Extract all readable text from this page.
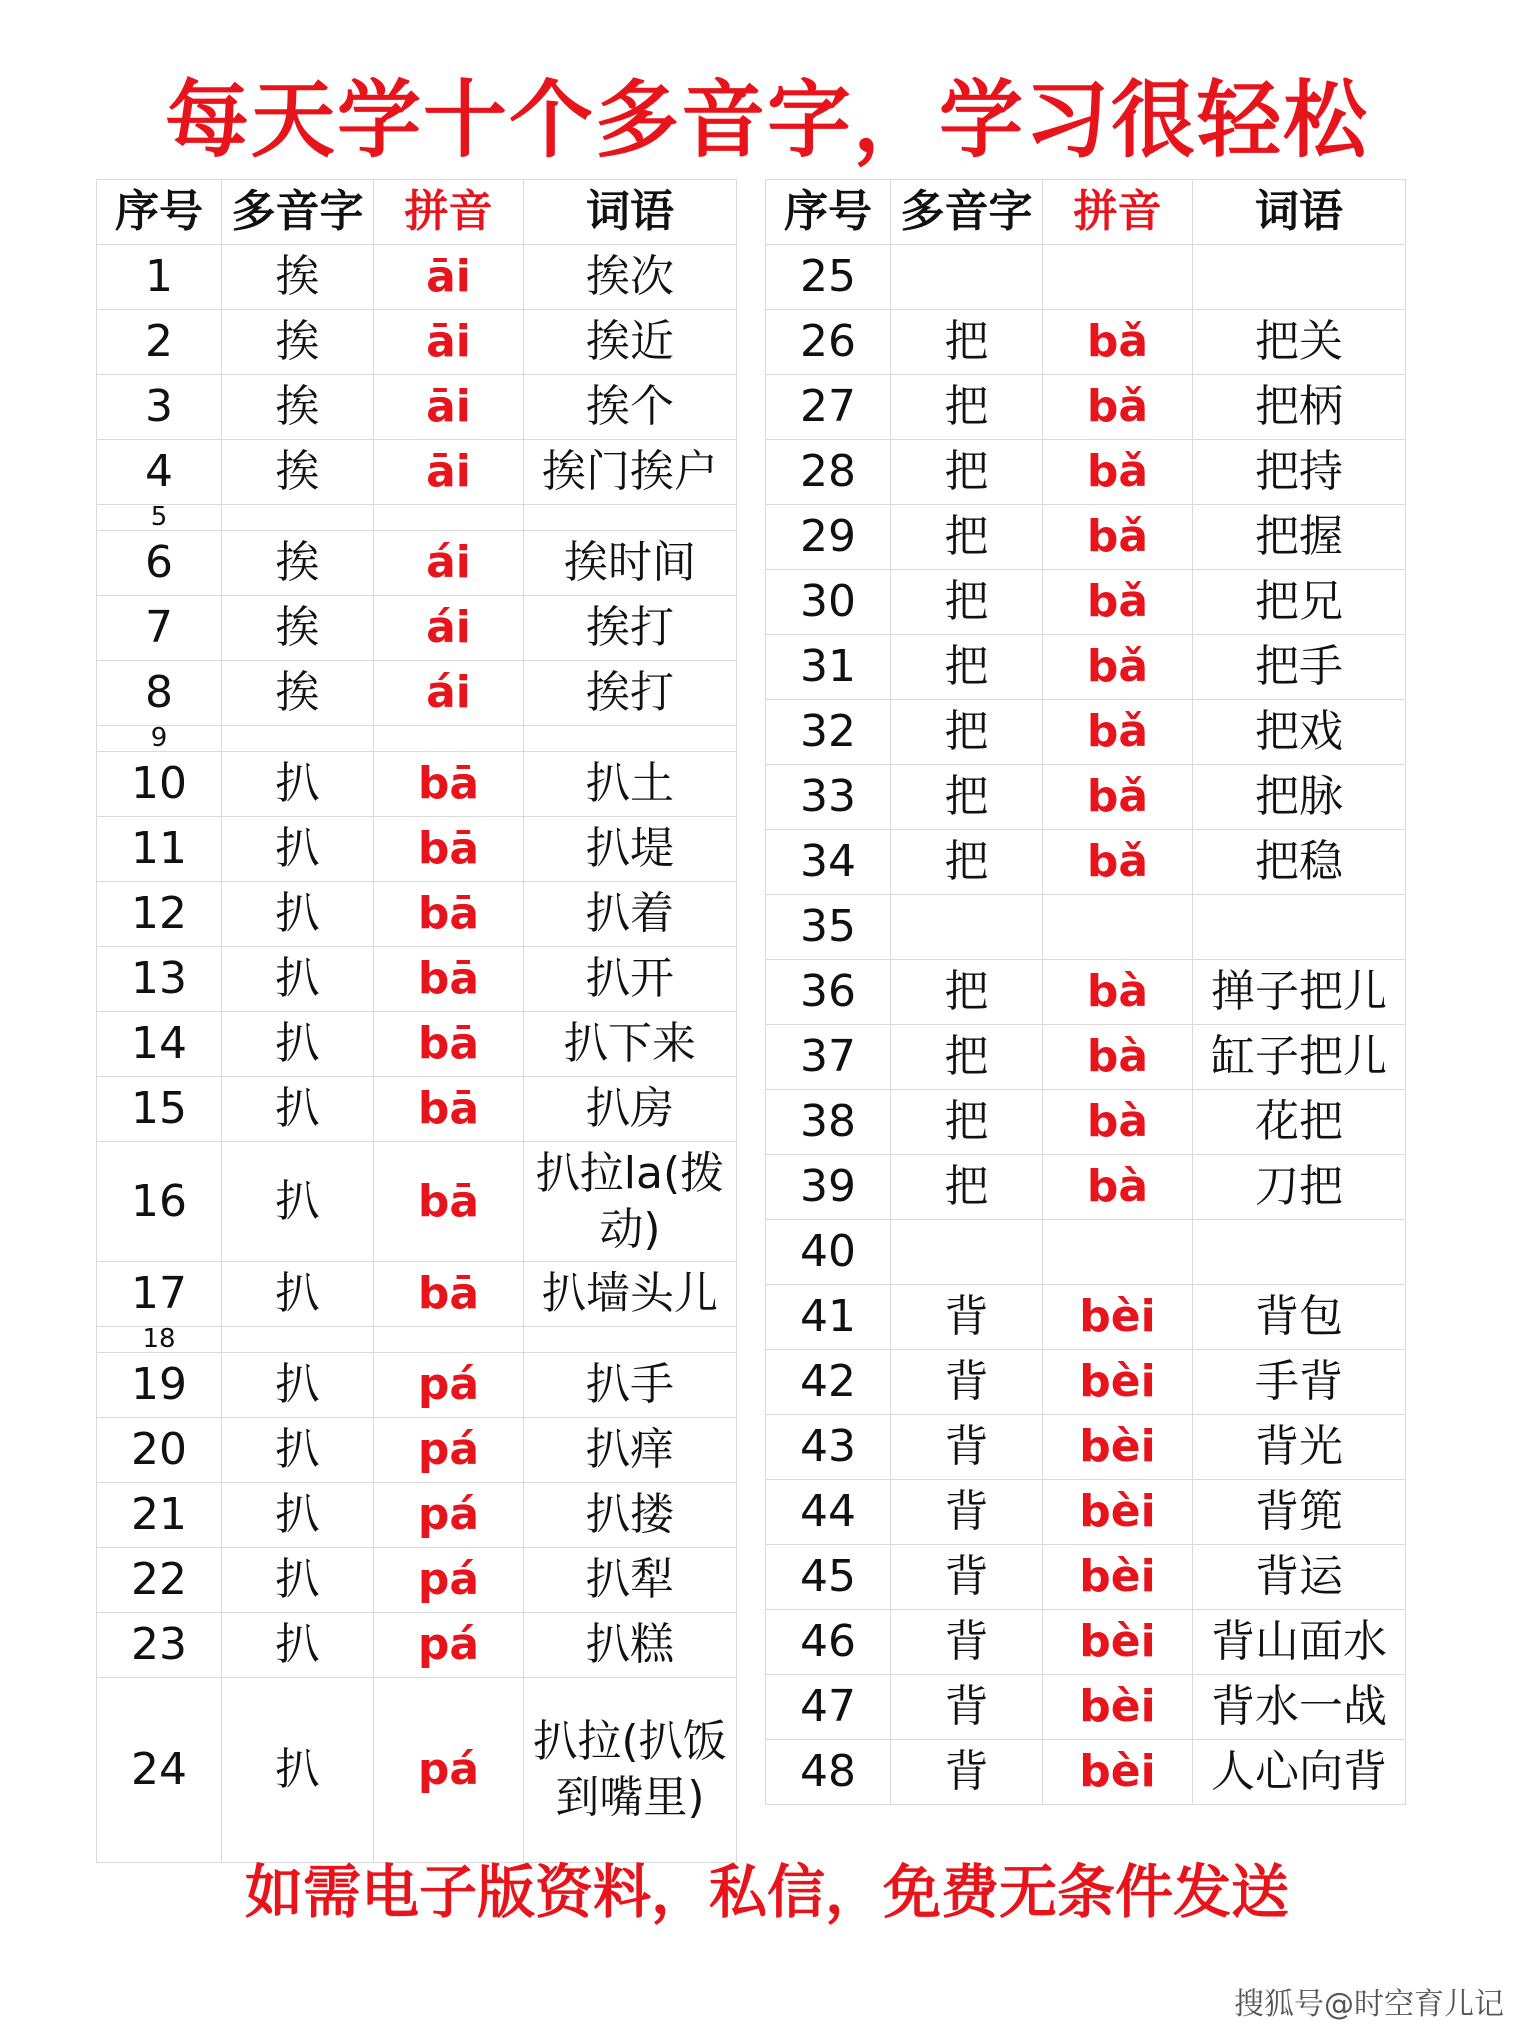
每天学十个多音字，学习很轻松
序号	多音字	拼音	词语
1	挨	āi	挨次
2	挨	āi	挨近
3	挨	āi	挨个
4	挨	āi	挨门挨户
5			
6	挨	ái	挨时间
7	挨	ái	挨打
8	挨	ái	挨打
9			
10	扒	bā	扒土
11	扒	bā	扒堤
12	扒	bā	扒着
13	扒	bā	扒开
14	扒	bā	扒下来
15	扒	bā	扒房
16	扒	bā	扒拉la(拨动)
17	扒	bā	扒墙头儿
18			
19	扒	pá	扒手
20	扒	pá	扒痒
21	扒	pá	扒搂
22	扒	pá	扒犁
23	扒	pá	扒糕
24	扒	pá	扒拉(扒饭到嘴里)
序号	多音字	拼音	词语
25			
26	把	bǎ	把关
27	把	bǎ	把柄
28	把	bǎ	把持
29	把	bǎ	把握
30	把	bǎ	把兄
31	把	bǎ	把手
32	把	bǎ	把戏
33	把	bǎ	把脉
34	把	bǎ	把稳
35			
36	把	bà	掸子把儿
37	把	bà	缸子把儿
38	把	bà	花把
39	把	bà	刀把
40			
41	背	bèi	背包
42	背	bèi	手背
43	背	bèi	背光
44	背	bèi	背篼
45	背	bèi	背运
46	背	bèi	背山面水
47	背	bèi	背水一战
48	背	bèi	人心向背
如需电子版资料，私信，免费无条件发送
搜狐号@时空育儿记
